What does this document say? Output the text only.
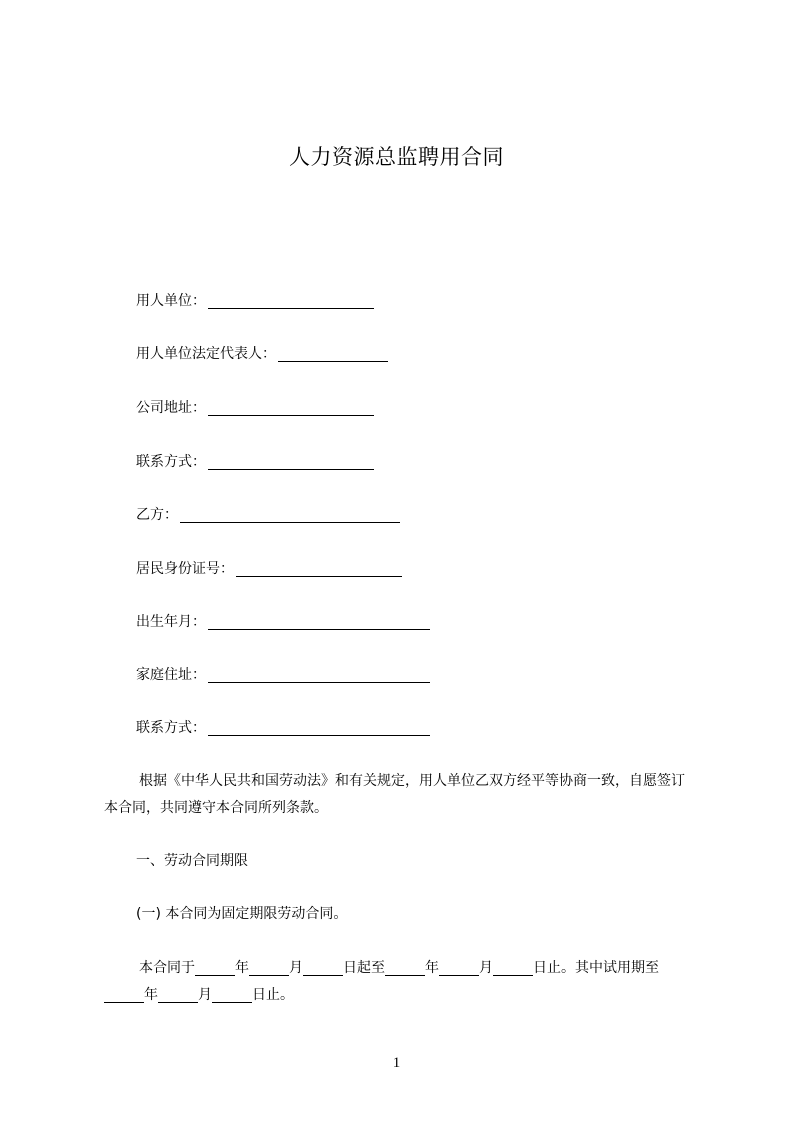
人力资源总监聘用合同
用人单位：
用人单位法定代表人：
公司地址：
联系方式：
乙方：
居民身份证号：
出生年月：
家庭住址：
联系方式：
根据《中华人民共和国劳动法》和有关规定，用人单位乙双方经平等协商一致，自愿签订本合同，共同遵守本合同所列条款。
一、劳动合同期限
(一) 本合同为固定期限劳动合同。
本合同于	年	月	日起至	年	月	日止。其中试用期至
年	月	日止。
1
